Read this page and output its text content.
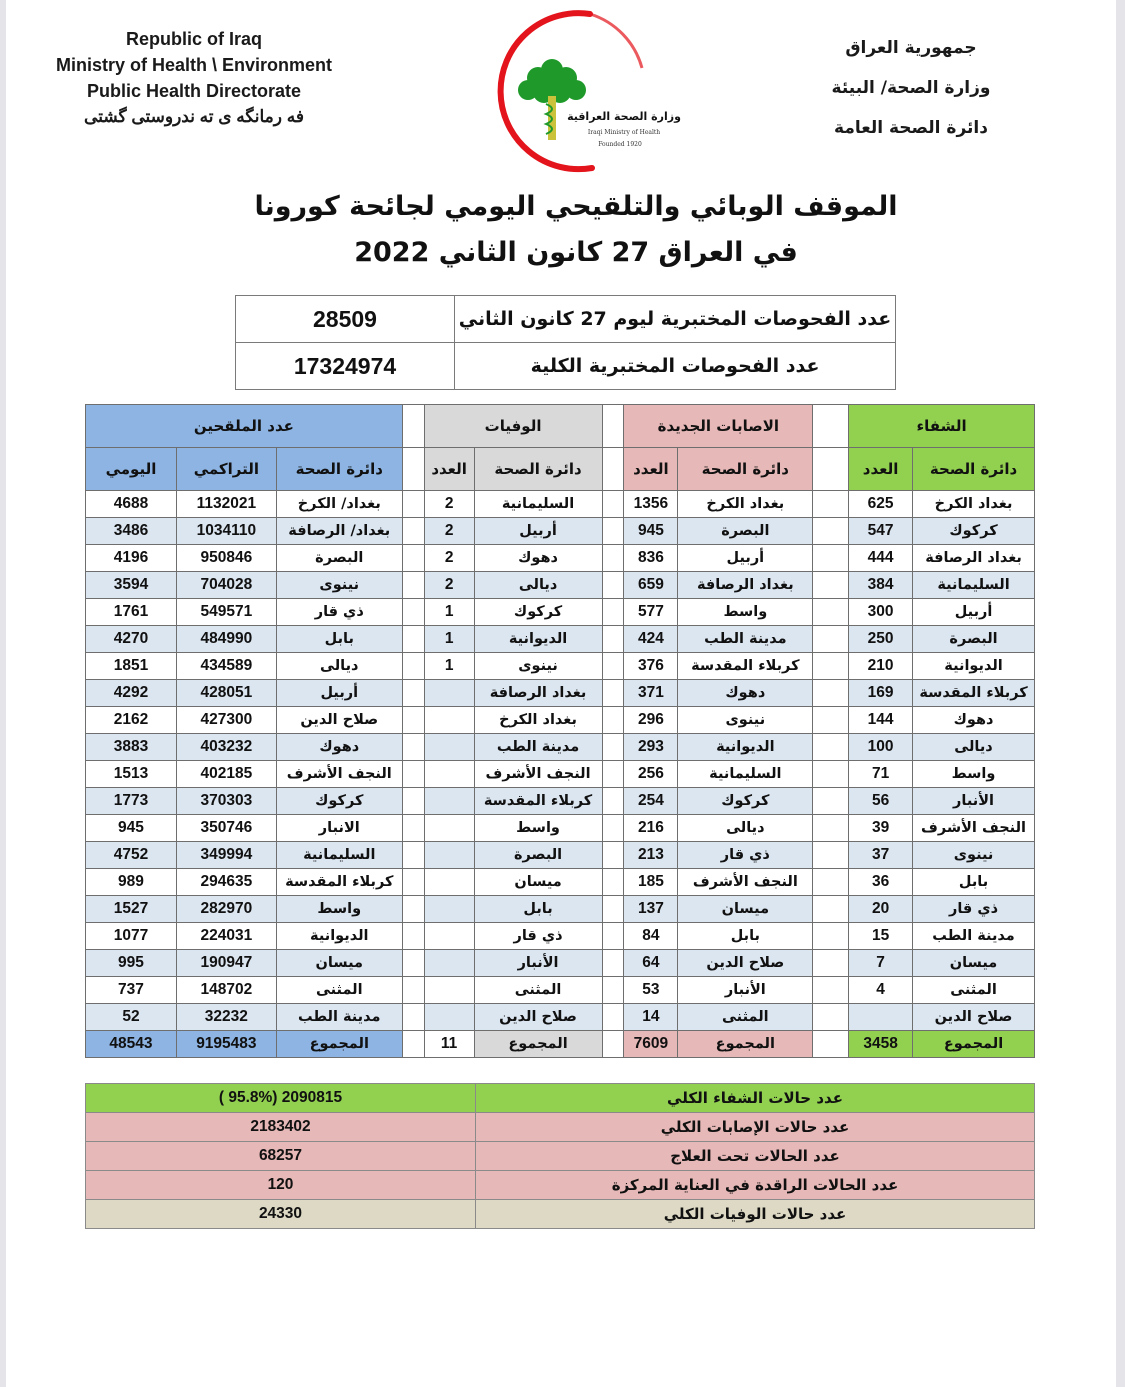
Republic of Iraq
Ministry of Health \ Environment
Public Health Directorate
فه رمانگه ی ته ندروستی گشتی	وزارة الصحة العراقية
Iraqi Ministry of Health
Founded 1920
جمهورية العراق
وزارة الصحة/ البيئة
دائرة الصحة العامة
الموقف الوبائي والتلقيحي اليومي لجائحة كورونا
في العراق 27 كانون الثاني 2022
عدد الفحوصات المختبرية ليوم 27 كانون الثاني	28509
عدد الفحوصات المختبرية الكلية	17324974
الشفاء			الاصابات الجديدة			الوفيات			عدد الملقحين		
دائرة الصحة	العدد		دائرة الصحة	العدد		دائرة الصحة	العدد		دائرة الصحة	التراكمي	اليومي
بغداد الكرخ	625		بغداد الكرخ	1356		السليمانية	2		بغداد/ الكرخ	1132021	4688
كركوك	547		البصرة	945		أربيل	2		بغداد/ الرصافة	1034110	3486
بغداد الرصافة	444		أربيل	836		دهوك	2		البصرة	950846	4196
السليمانية	384		بغداد الرصافة	659		ديالى	2		نينوى	704028	3594
أربيل	300		واسط	577		كركوك	1		ذي قار	549571	1761
البصرة	250		مدينة الطب	424		الديوانية	1		بابل	484990	4270
الديوانية	210		كربلاء المقدسة	376		نينوى	1		ديالى	434589	1851
كربلاء المقدسة	169		دهوك	371		بغداد الرصافة			أربيل	428051	4292
دهوك	144		نينوى	296		بغداد الكرخ			صلاح الدين	427300	2162
ديالى	100		الديوانية	293		مدينة الطب			دهوك	403232	3883
واسط	71		السليمانية	256		النجف الأشرف			النجف الأشرف	402185	1513
الأنبار	56		كركوك	254		كربلاء المقدسة			كركوك	370303	1773
النجف الأشرف	39		ديالى	216		واسط			الانبار	350746	945
نينوى	37		ذي قار	213		البصرة			السليمانية	349994	4752
بابل	36		النجف الأشرف	185		ميسان			كربلاء المقدسة	294635	989
ذي قار	20		ميسان	137		بابل			واسط	282970	1527
مدينة الطب	15		بابل	84		ذي قار			الديوانية	224031	1077
ميسان	7		صلاح الدين	64		الأنبار			ميسان	190947	995
المثنى	4		الأنبار	53		المثنى			المثنى	148702	737
صلاح الدين			المثنى	14		صلاح الدين			مدينة الطب	32232	52
المجموع	3458		المجموع	7609		المجموع	11		المجموع	9195483	48543
عدد حالات الشفاء الكلي	( 95.8%) 2090815
عدد حالات الإصابات الكلي	2183402
عدد الحالات تحت العلاج	68257
عدد الحالات الراقدة في العناية المركزة	120
عدد حالات الوفيات الكلي	24330
